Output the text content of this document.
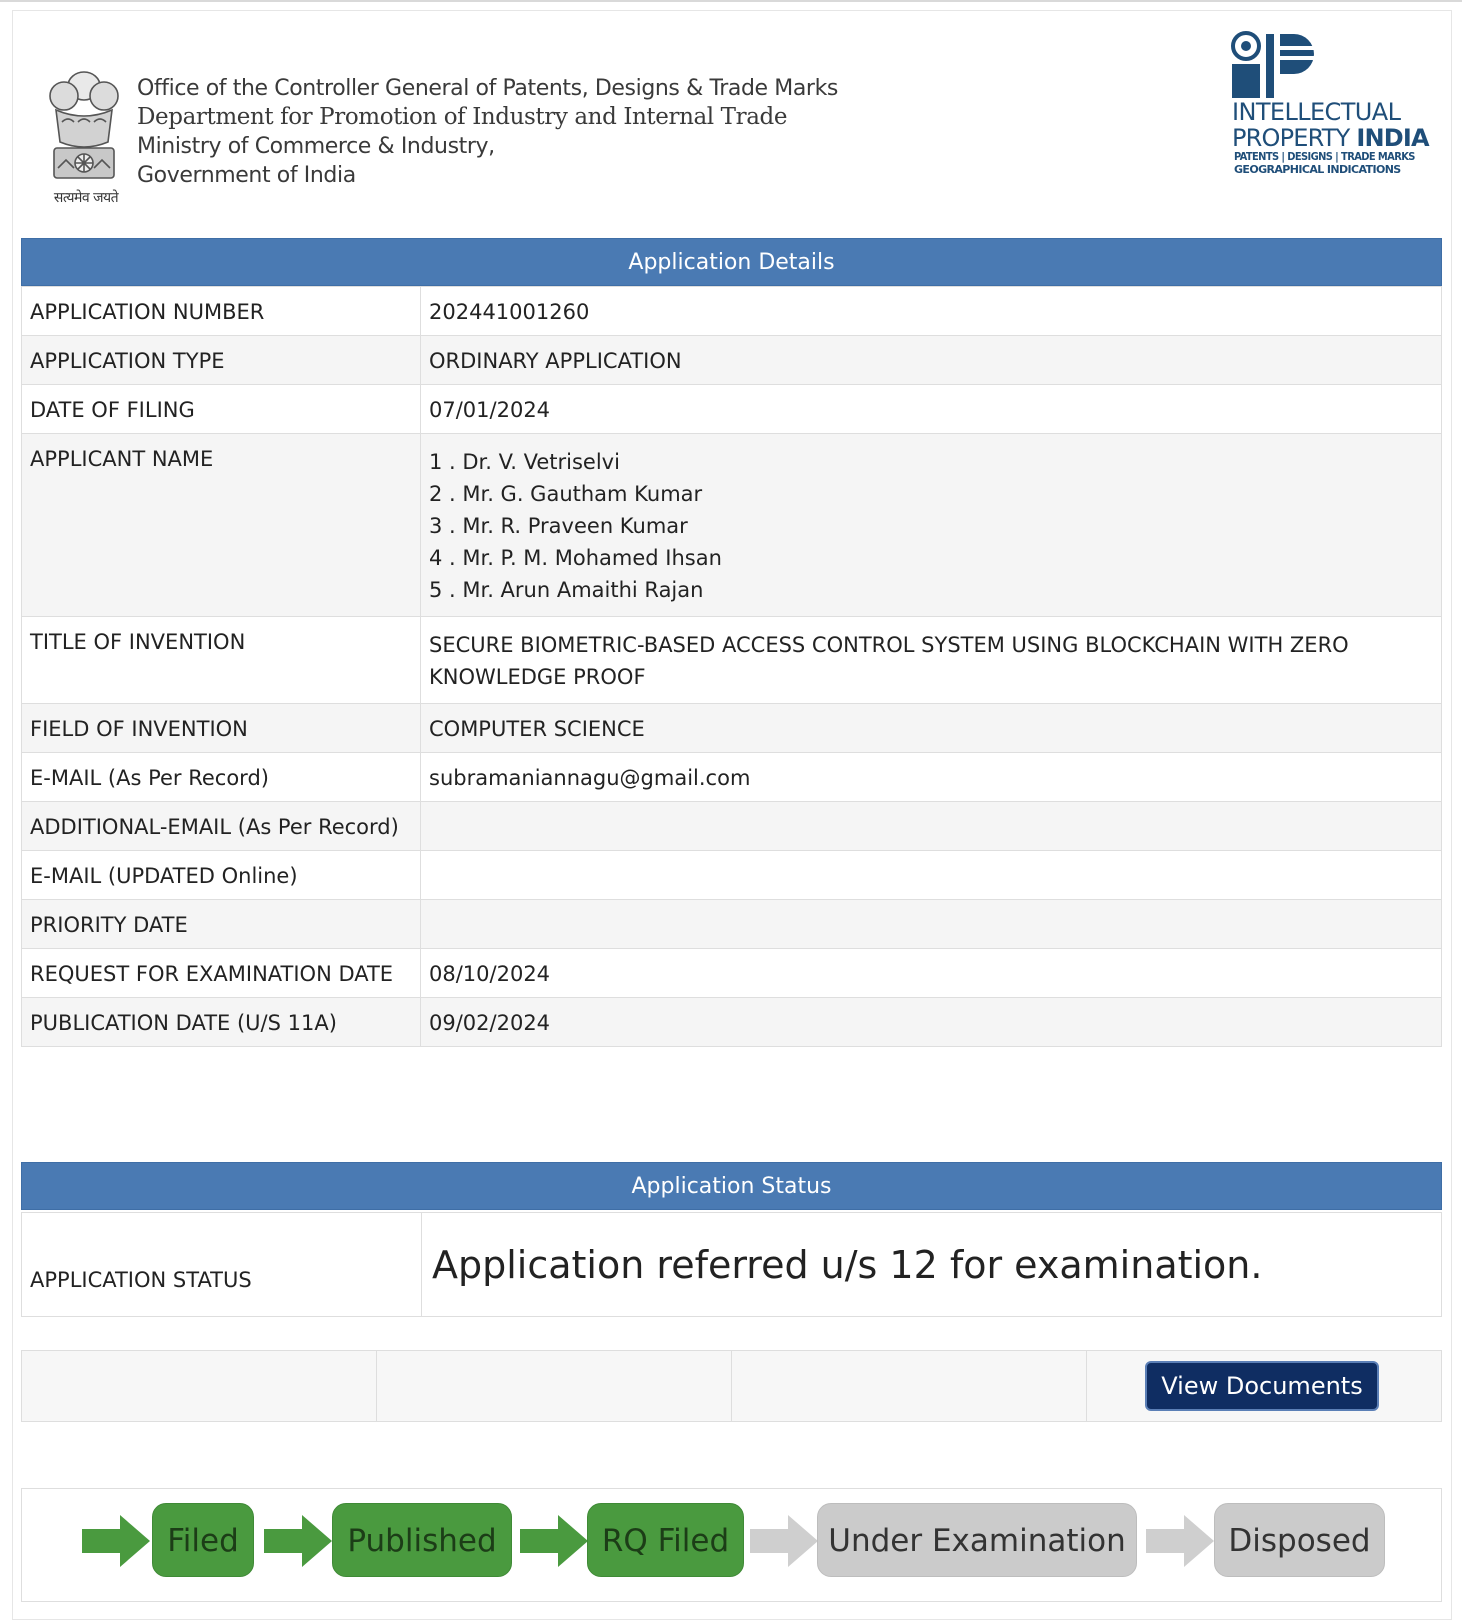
सत्यमेव जयते
Office of the Controller General of Patents, Designs & Trade Marks
Department for Promotion of Industry and Internal Trade
Ministry of Commerce & Industry,
Government of India
INTELLECTUAL
PROPERTY INDIA
PATENTS | DESIGNS | TRADE MARKS
GEOGRAPHICAL INDICATIONS
Application Details
APPLICATION NUMBER	202441001260
APPLICATION TYPE	ORDINARY APPLICATION
DATE OF FILING	07/01/2024
APPLICANT NAME	1 . Dr. V. Vetriselvi
2 . Mr. G. Gautham Kumar
3 . Mr. R. Praveen Kumar
4 . Mr. P. M. Mohamed Ihsan
5 . Mr. Arun Amaithi Rajan

TITLE OF INVENTION	SECURE BIOMETRIC-BASED ACCESS CONTROL SYSTEM USING BLOCKCHAIN WITH ZERO KNOWLEDGE PROOF
FIELD OF INVENTION	COMPUTER SCIENCE
E-MAIL (As Per Record)	subramaniannagu@gmail.com
ADDITIONAL-EMAIL (As Per Record)	
E-MAIL (UPDATED Online)	
PRIORITY DATE	
REQUEST FOR EXAMINATION DATE	08/10/2024
PUBLICATION DATE (U/S 11A)	09/02/2024
Application Status
APPLICATION STATUS	Application referred u/s 12 for examination.
View Documents
Filed	Published	RQ Filed	Under Examination	Disposed
